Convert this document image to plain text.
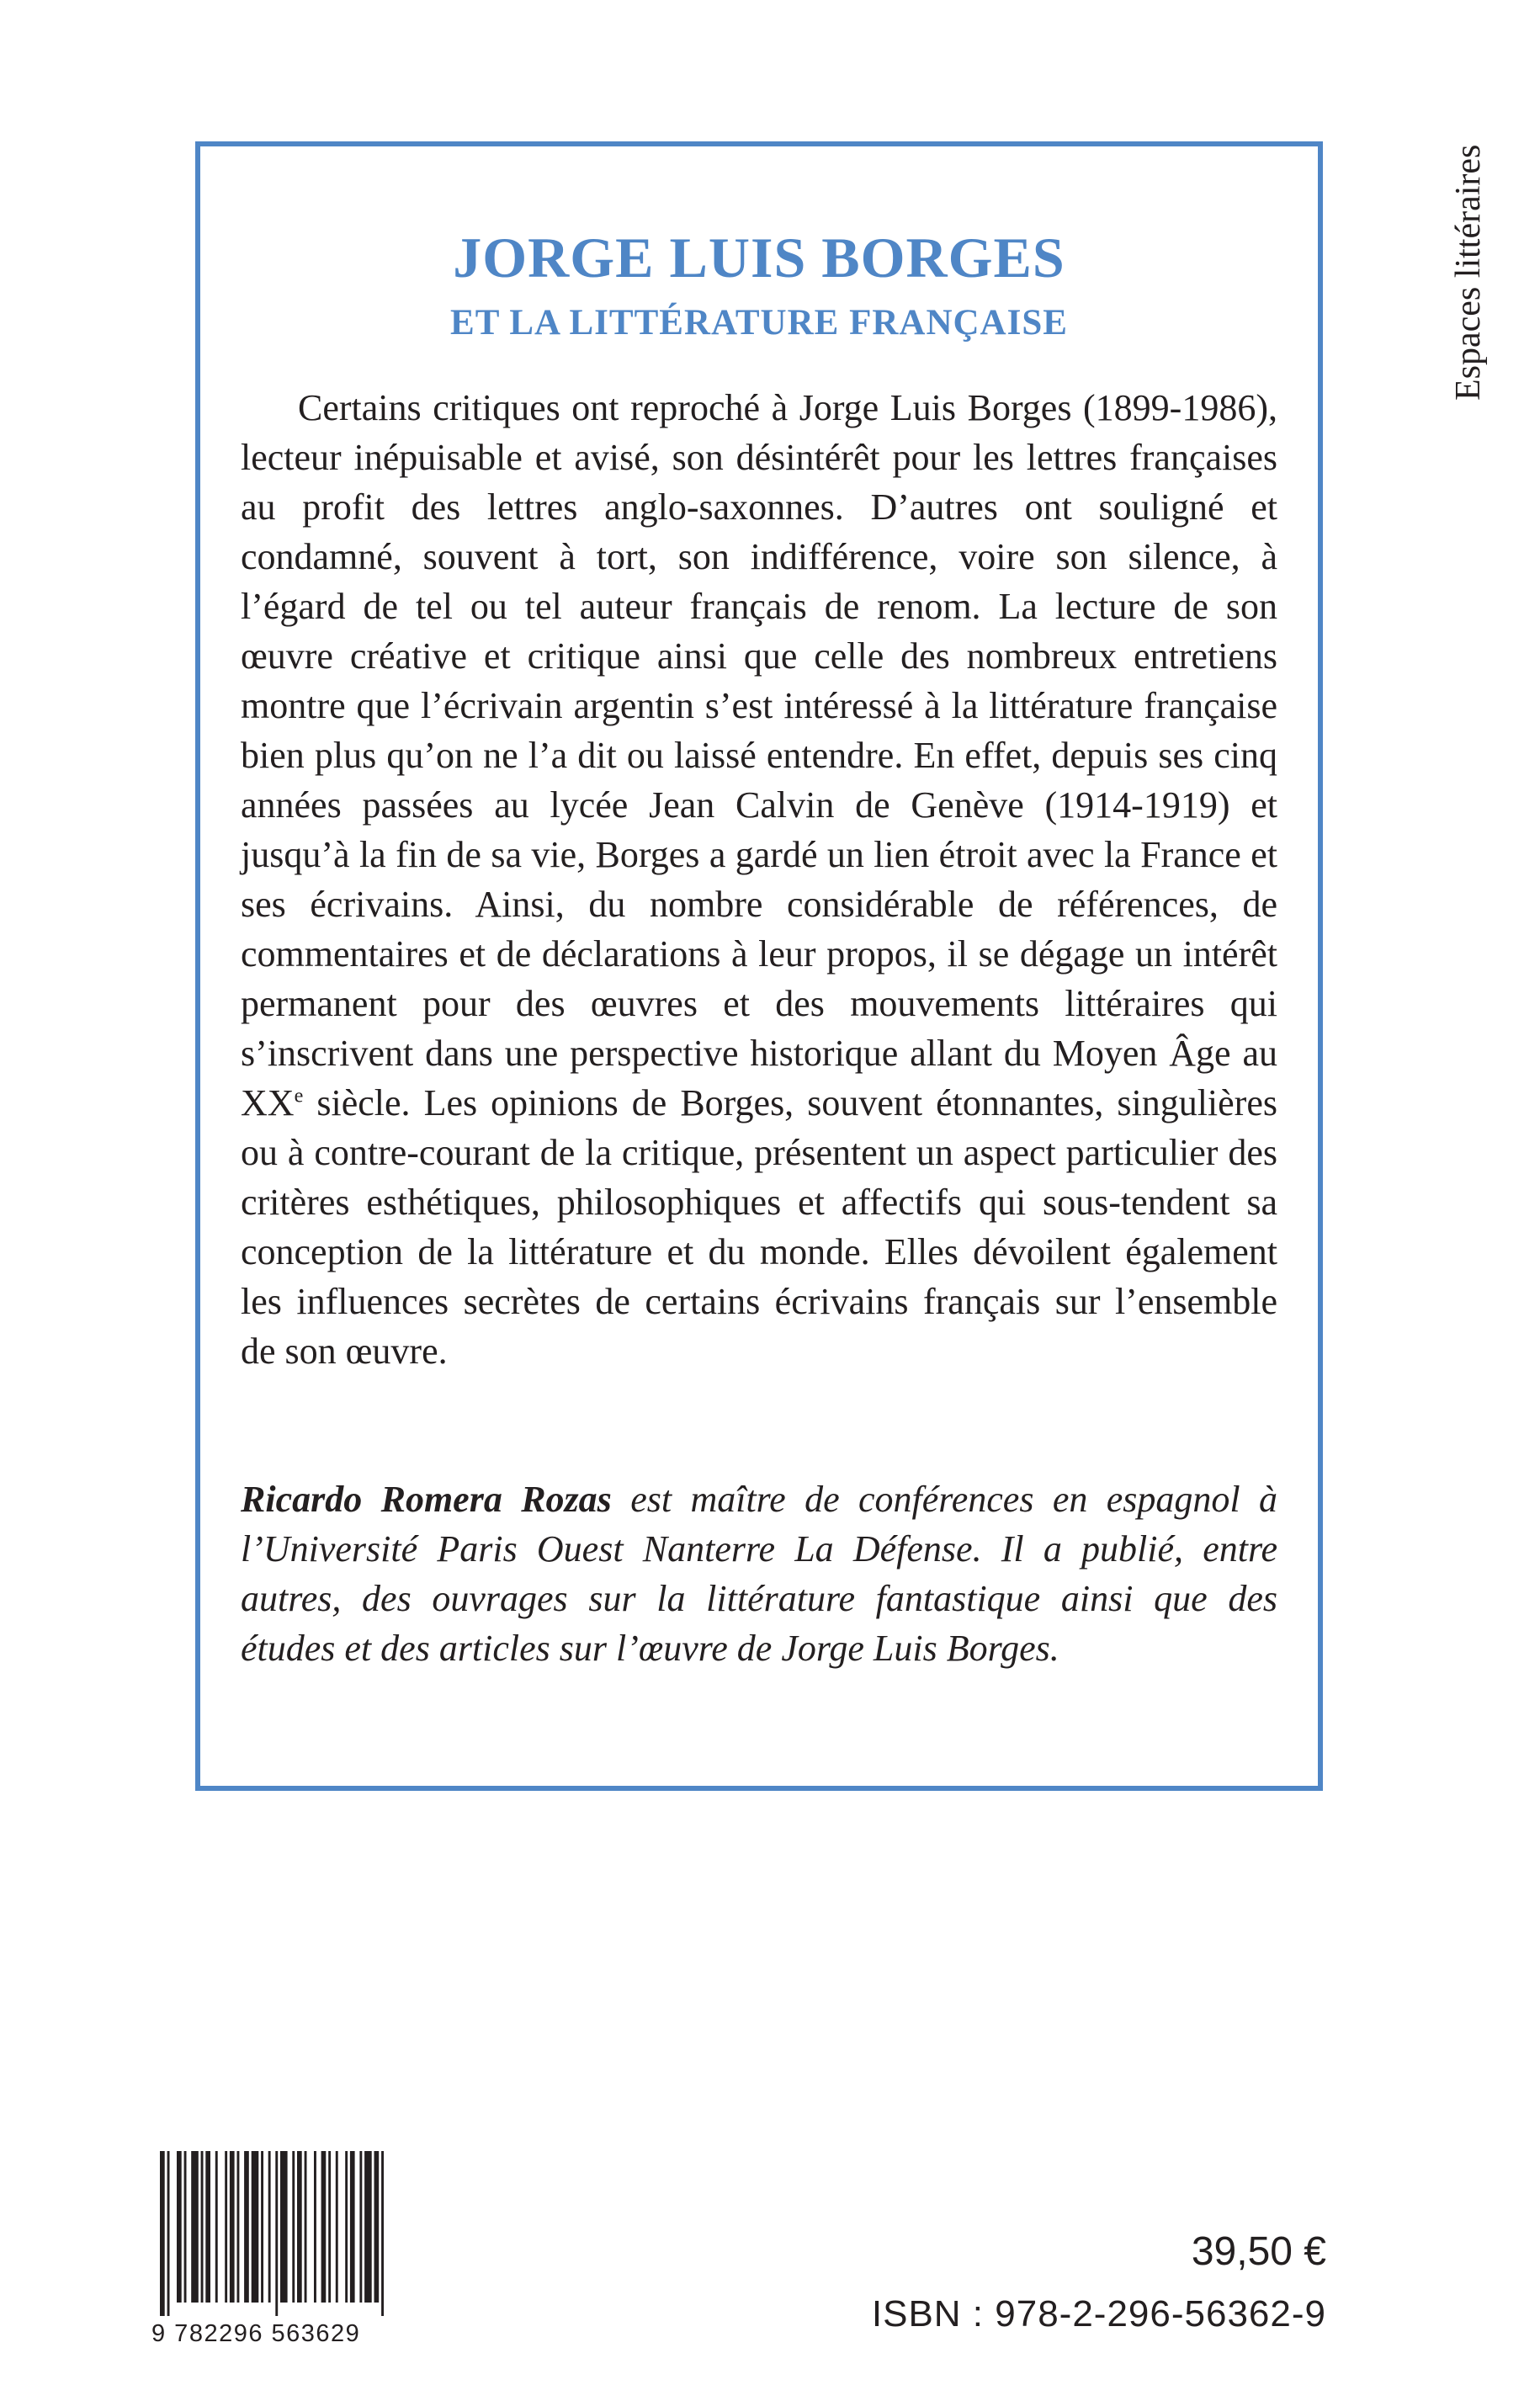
JORGE LUIS BORGES
ET LA LITTÉRATURE FRANÇAISE

Certains critiques ont reproché à Jorge Luis Borges (1899-1986), lecteur inépuisable et avisé, son désintérêt pour les lettres françaises au profit des lettres anglo-saxonnes. D’autres ont souligné et condamné, souvent à tort, son indifférence, voire son silence, à l’égard de tel ou tel auteur français de renom. La lecture de son œuvre créative et critique ainsi que celle des nombreux entretiens montre que l’écrivain argentin s’est intéressé à la littérature française bien plus qu’on ne l’a dit ou laissé entendre. En effet, depuis ses cinq années passées au lycée Jean Calvin de Genève (1914-1919) et jusqu’à la fin de sa vie, Borges a gardé un lien étroit avec la France et ses écrivains. Ainsi, du nombre considérable de références, de commentaires et de déclarations à leur propos, il se dégage un intérêt permanent pour des œuvres et des mouvements littéraires qui s’inscrivent dans une perspective historique allant du Moyen Âge au XXe siècle. Les opinions de Borges, souvent étonnantes, singulières ou à contre-courant de la critique, présentent un aspect particulier des critères esthétiques, philosophiques et affectifs qui sous-tendent sa conception de la littérature et du monde. Elles dévoilent également les influences secrètes de certains écrivains français sur l’ensemble de son œuvre.

Ricardo Romera Rozas est maître de conférences en espagnol à l’Université Paris Ouest Nanterre La Défense. Il a publié, entre autres, des ouvrages sur la littérature fantastique ainsi que des études et des articles sur l’œuvre de Jorge Luis Borges.

Espaces littéraires
9 782296 563629
39,50 €
ISBN : 978-2-296-56362-9
